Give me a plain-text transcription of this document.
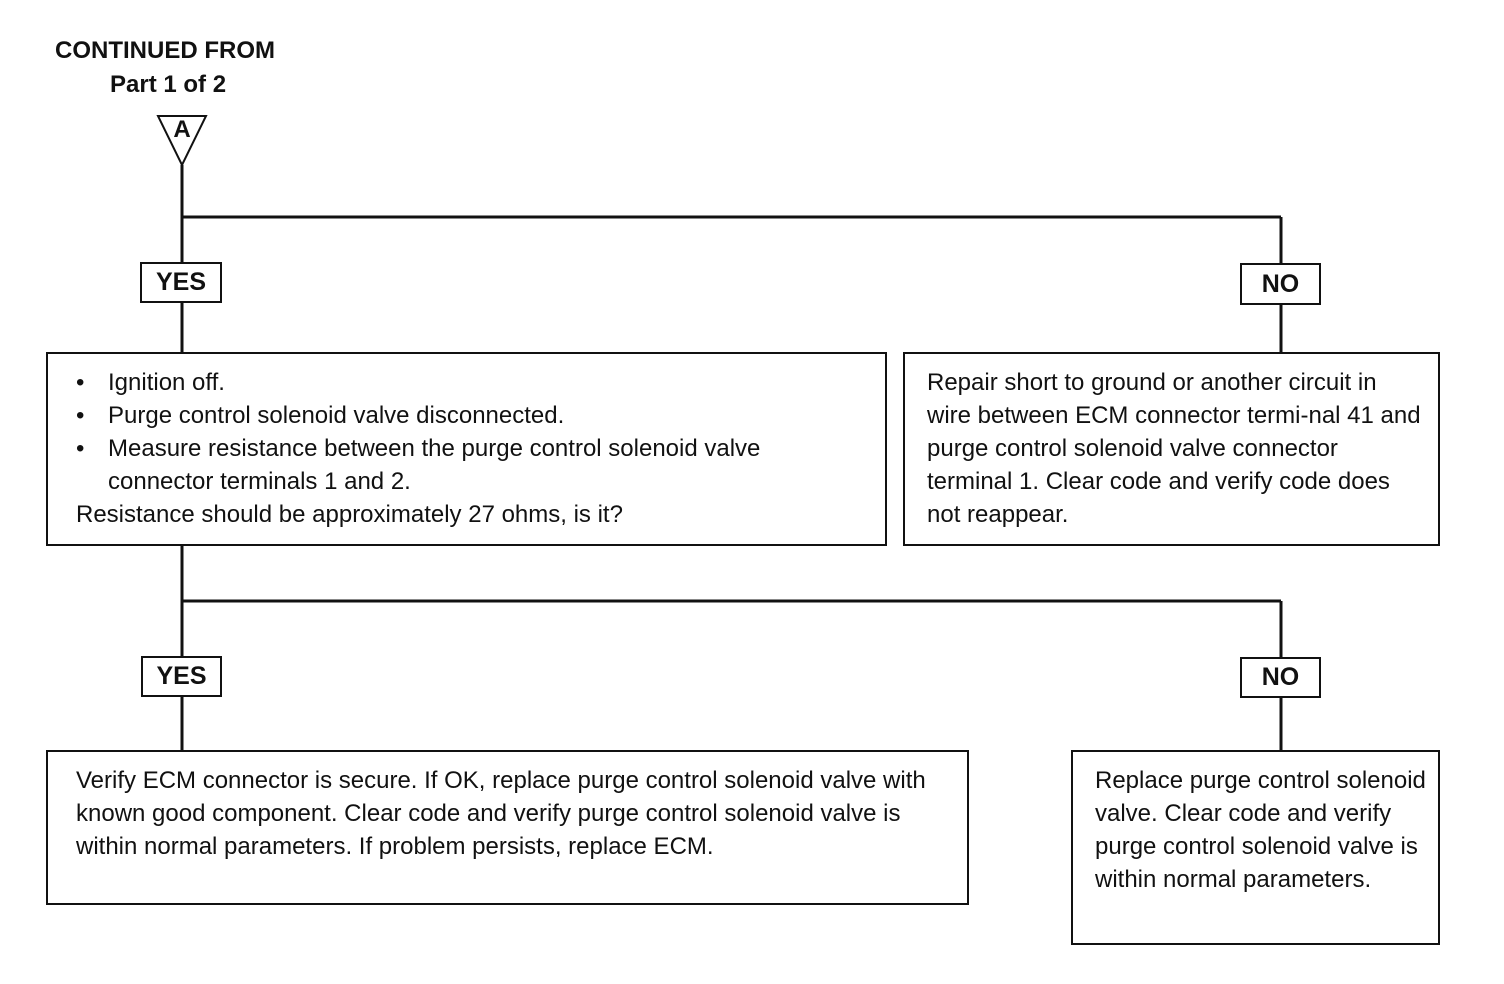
CONTINUED FROM
Part 1 of 2
A
YES	NO
• Ignition off.
• Purge control solenoid valve disconnected.
• Measure resistance between the purge control solenoid valve connector terminals 1 and 2.

Resistance should be approximately 27 ohms, is it?

Repair short to ground or another circuit in wire between ECM connector termi-nal 41 and purge control solenoid valve connector terminal 1. Clear code and verify code does not reappear.

YES	NO

Verify ECM connector is secure. If OK, replace purge control solenoid valve with known good component. Clear code and verify purge control solenoid valve is within normal parameters. If problem persists, replace ECM.

Replace purge control solenoid valve. Clear code and verify purge control solenoid valve is within normal parameters.
